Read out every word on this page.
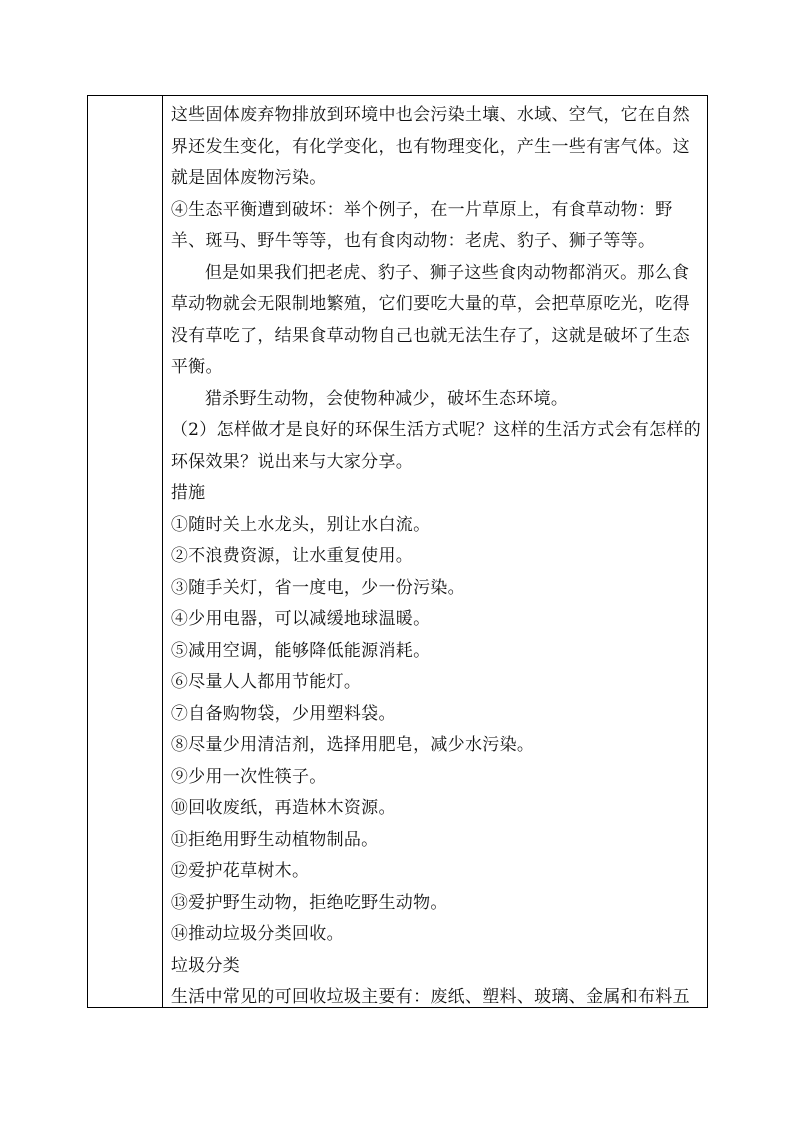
这些固体废弃物排放到环境中也会污染土壤、水域、空气，它在自然
界还发生变化，有化学变化，也有物理变化，产生一些有害气体。这
就是固体废物污染。
④生态平衡遭到破坏：举个例子，在一片草原上，有食草动物：野
羊、斑马、野牛等等，也有食肉动物：老虎、豹子、狮子等等。
但是如果我们把老虎、豹子、狮子这些食肉动物都消灭。那么食
草动物就会无限制地繁殖，它们要吃大量的草，会把草原吃光，吃得
没有草吃了，结果食草动物自己也就无法生存了，这就是破坏了生态
平衡。
猎杀野生动物，会使物种减少，破坏生态环境。
（2）怎样做才是良好的环保生活方式呢？这样的生活方式会有怎样的
环保效果？说出来与大家分享。
措施
①随时关上水龙头，别让水白流。
②不浪费资源，让水重复使用。
③随手关灯，省一度电，少一份污染。
④少用电器，可以减缓地球温暖。
⑤减用空调，能够降低能源消耗。
⑥尽量人人都用节能灯。
⑦自备购物袋，少用塑料袋。
⑧尽量少用清洁剂，选择用肥皂，减少水污染。
⑨少用一次性筷子。
⑩回收废纸，再造林木资源。
⑪拒绝用野生动植物制品。
⑫爱护花草树木。
⑬爱护野生动物，拒绝吃野生动物。
⑭推动垃圾分类回收。
垃圾分类
生活中常见的可回收垃圾主要有：废纸、塑料、玻璃、金属和布料五
